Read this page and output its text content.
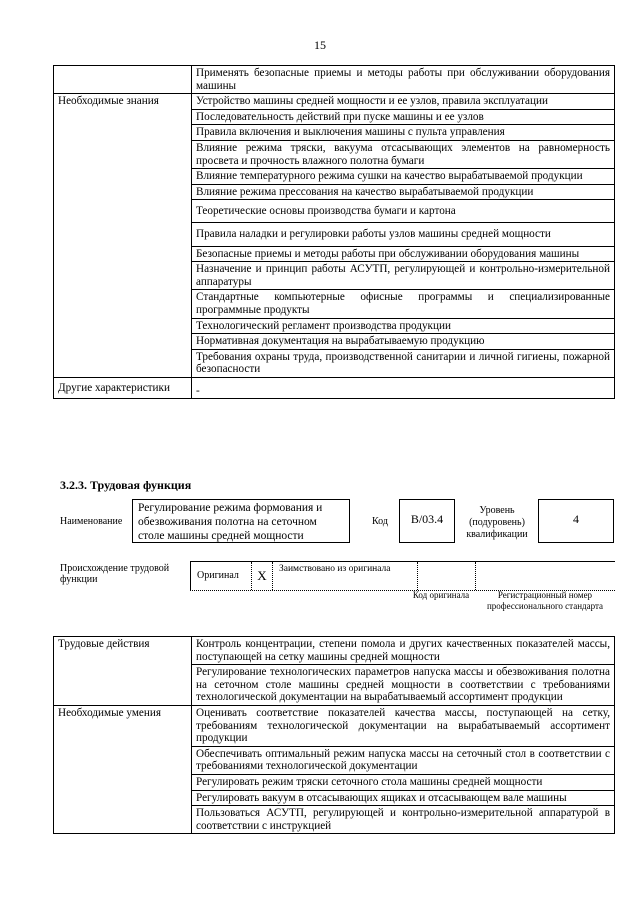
15
	Применять безопасные приемы и методы работы при обслуживании оборудования машины
Необходимые знания	Устройство машины средней мощности и ее узлов, правила эксплуатации
	Последовательность действий при пуске машины и ее узлов
	Правила включения и выключения машины с пульта управления
	Влияние режима тряски, вакуума отсасывающих элементов на равномерность просвета и прочность влажного полотна бумаги
	Влияние температурного режима сушки на качество вырабатываемой продукции
	Влияние режима прессования на качество вырабатываемой продукции
	Теоретические основы производства бумаги и картона
	Правила наладки и регулировки работы узлов машины средней мощности
	Безопасные приемы и методы работы при обслуживании оборудования машины
	Назначение и принцип работы АСУТП, регулирующей и контрольно-измерительной аппаратуры
	Стандартные компьютерные офисные программы и специализированные программные продукты
	Технологический регламент производства продукции
	Нормативная документация на вырабатываемую продукцию
	Требования охраны труда, производственной санитарии и личной гигиены, пожарной безопасности
Другие характеристики	-
3.2.3. Трудовая функция
Наименование
Регулирование режима формования и обезвоживания полотна на сеточном столе машины средней мощности
Код	B/03.4
Уровень (подуровень) квалификации
4
Происхождение трудовой функции	Оригинал	X	Заимствовано из оригинала
Код оригинала	Регистрационный номер профессионального стандарта
Трудовые действия	Контроль концентрации, степени помола и других качественных показателей массы, поступающей на сетку машины средней мощности
	Регулирование технологических параметров напуска массы и обезвоживания полотна на сеточном столе машины средней мощности в соответствии с требованиями технологической документации на вырабатываемый ассортимент продукции
Необходимые умения	Оценивать соответствие показателей качества массы, поступающей на сетку, требованиям технологической документации на вырабатываемый ассортимент продукции
	Обеспечивать оптимальный режим напуска массы на сеточный стол в соответствии с требованиями технологической документации
	Регулировать режим тряски сеточного стола машины средней мощности
	Регулировать вакуум в отсасывающих ящиках и отсасывающем вале машины
	Пользоваться АСУТП, регулирующей и контрольно-измерительной аппаратурой в соответствии с инструкцией
